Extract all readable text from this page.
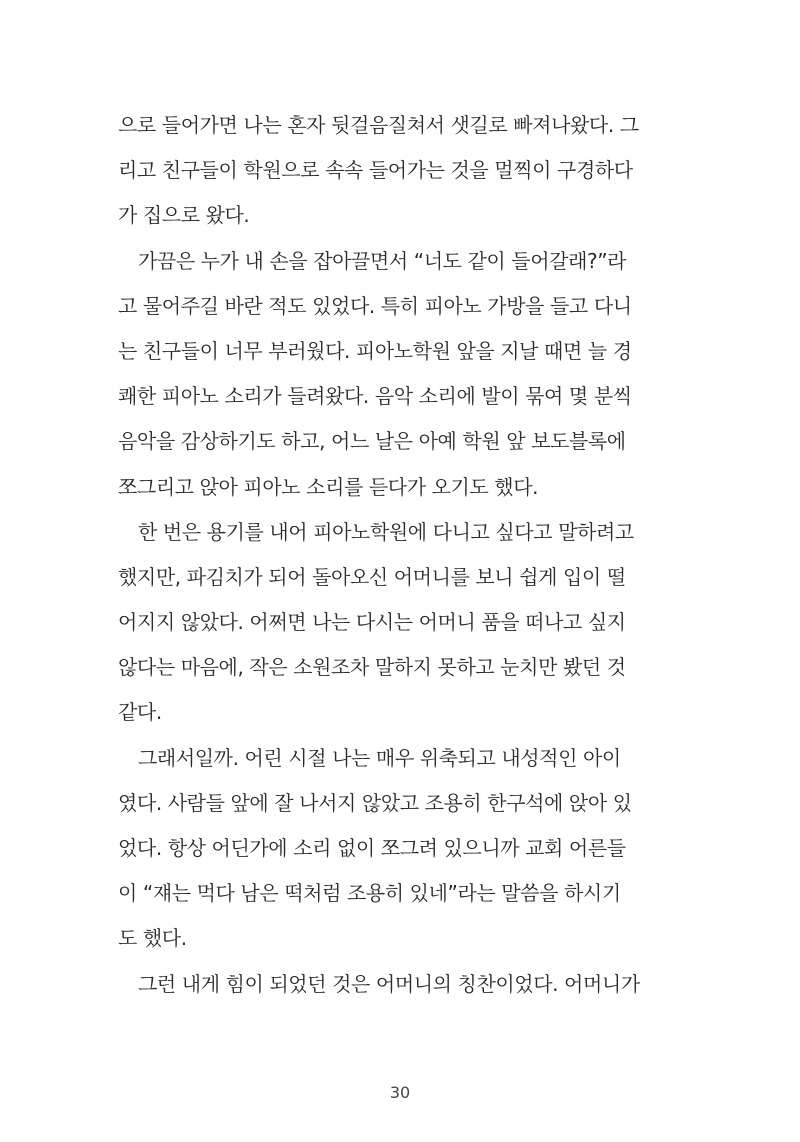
으로 들어가면 나는 혼자 뒷걸음질쳐서 샛길로 빠져나왔다. 그
리고 친구들이 학원으로 속속 들어가는 것을 멀찍이 구경하다
가 집으로 왔다.
가끔은 누가 내 손을 잡아끌면서 “너도 같이 들어갈래?”라
고 물어주길 바란 적도 있었다. 특히 피아노 가방을 들고 다니
는 친구들이 너무 부러웠다. 피아노학원 앞을 지날 때면 늘 경
쾌한 피아노 소리가 들려왔다. 음악 소리에 발이 묶여 몇 분씩
음악을 감상하기도 하고, 어느 날은 아예 학원 앞 보도블록에
쪼그리고 앉아 피아노 소리를 듣다가 오기도 했다.
한 번은 용기를 내어 피아노학원에 다니고 싶다고 말하려고
했지만, 파김치가 되어 돌아오신 어머니를 보니 쉽게 입이 떨
어지지 않았다. 어쩌면 나는 다시는 어머니 품을 떠나고 싶지
않다는 마음에, 작은 소원조차 말하지 못하고 눈치만 봤던 것
같다.
그래서일까. 어린 시절 나는 매우 위축되고 내성적인 아이
였다. 사람들 앞에 잘 나서지 않았고 조용히 한구석에 앉아 있
었다. 항상 어딘가에 소리 없이 쪼그려 있으니까 교회 어른들
이 “쟤는 먹다 남은 떡처럼 조용히 있네”라는 말씀을 하시기
도 했다.
그런 내게 힘이 되었던 것은 어머니의 칭찬이었다. 어머니가
30
